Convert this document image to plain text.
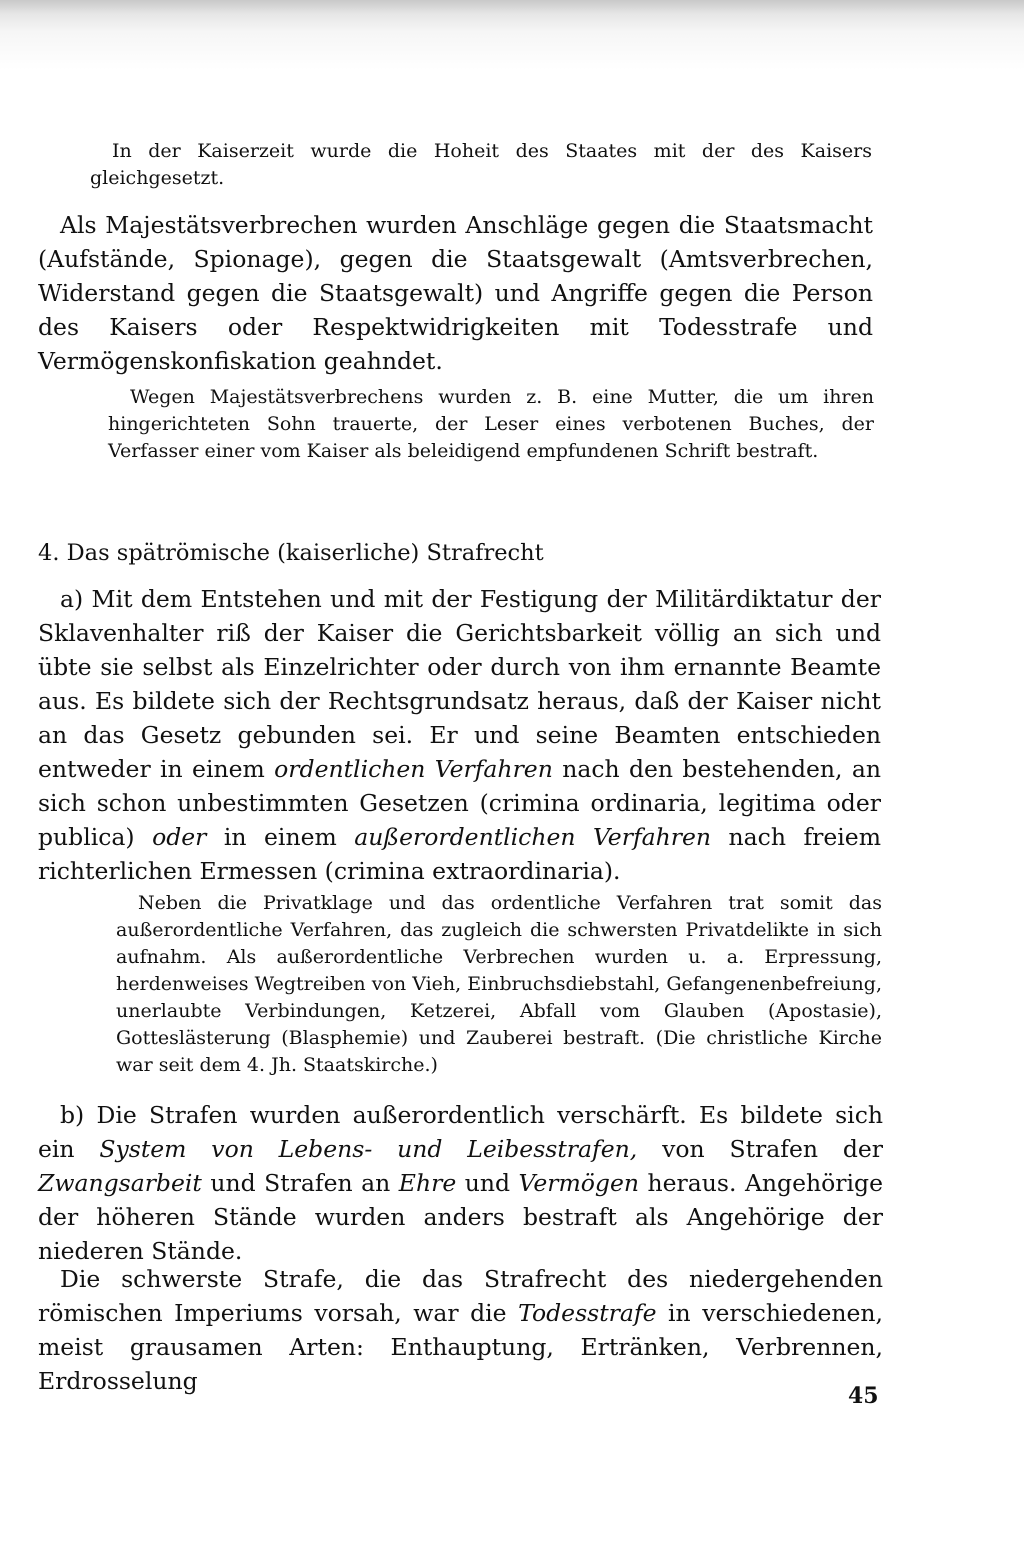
In der Kaiserzeit wurde die Hoheit des Staates mit der des Kaisers gleichgesetzt.

Als Majestätsverbrechen wurden Anschläge gegen die Staatsmacht (Aufstände, Spionage), gegen die Staatsgewalt (Amtsverbrechen, Widerstand gegen die Staatsgewalt) und Angriffe gegen die Person des Kaisers oder Respektwidrigkeiten mit Todesstrafe und Vermögenskonfiskation geahndet.

Wegen Majestätsverbrechens wurden z. B. eine Mutter, die um ihren hingerichteten Sohn trauerte, der Leser eines verbotenen Buches, der Verfasser einer vom Kaiser als beleidigend empfundenen Schrift bestraft.

4. Das spätrömische (kaiserliche) Strafrecht

a) Mit dem Entstehen und mit der Festigung der Militärdiktatur der Sklavenhalter riß der Kaiser die Gerichtsbarkeit völlig an sich und übte sie selbst als Einzelrichter oder durch von ihm ernannte Beamte aus. Es bildete sich der Rechtsgrundsatz heraus, daß der Kaiser nicht an das Gesetz gebunden sei. Er und seine Beamten entschieden entweder in einem ordentlichen Verfahren nach den bestehenden, an sich schon unbestimmten Gesetzen (crimina ordinaria, legitima oder publica) oder in einem außerordentlichen Verfahren nach freiem richterlichen Ermessen (crimina extraordinaria).

Neben die Privatklage und das ordentliche Verfahren trat somit das außerordentliche Verfahren, das zugleich die schwersten Privatdelikte in sich aufnahm. Als außerordentliche Verbrechen wurden u. a. Erpressung, herdenweises Wegtreiben von Vieh, Einbruchsdiebstahl, Gefangenenbefreiung, unerlaubte Verbindungen, Ketzerei, Abfall vom Glauben (Apostasie), Gotteslästerung (Blasphemie) und Zauberei bestraft. (Die christliche Kirche war seit dem 4. Jh. Staatskirche.)

b) Die Strafen wurden außerordentlich verschärft. Es bildete sich ein System von Lebens- und Leibesstrafen, von Strafen der Zwangsarbeit und Strafen an Ehre und Vermögen heraus. Angehörige der höheren Stände wurden anders bestraft als Angehörige der niederen Stände.

Die schwerste Strafe, die das Strafrecht des niedergehenden römischen Imperiums vorsah, war die Todesstrafe in verschiedenen, meist grausamen Arten: Enthauptung, Ertränken, Verbrennen, Erdrosselung

45
